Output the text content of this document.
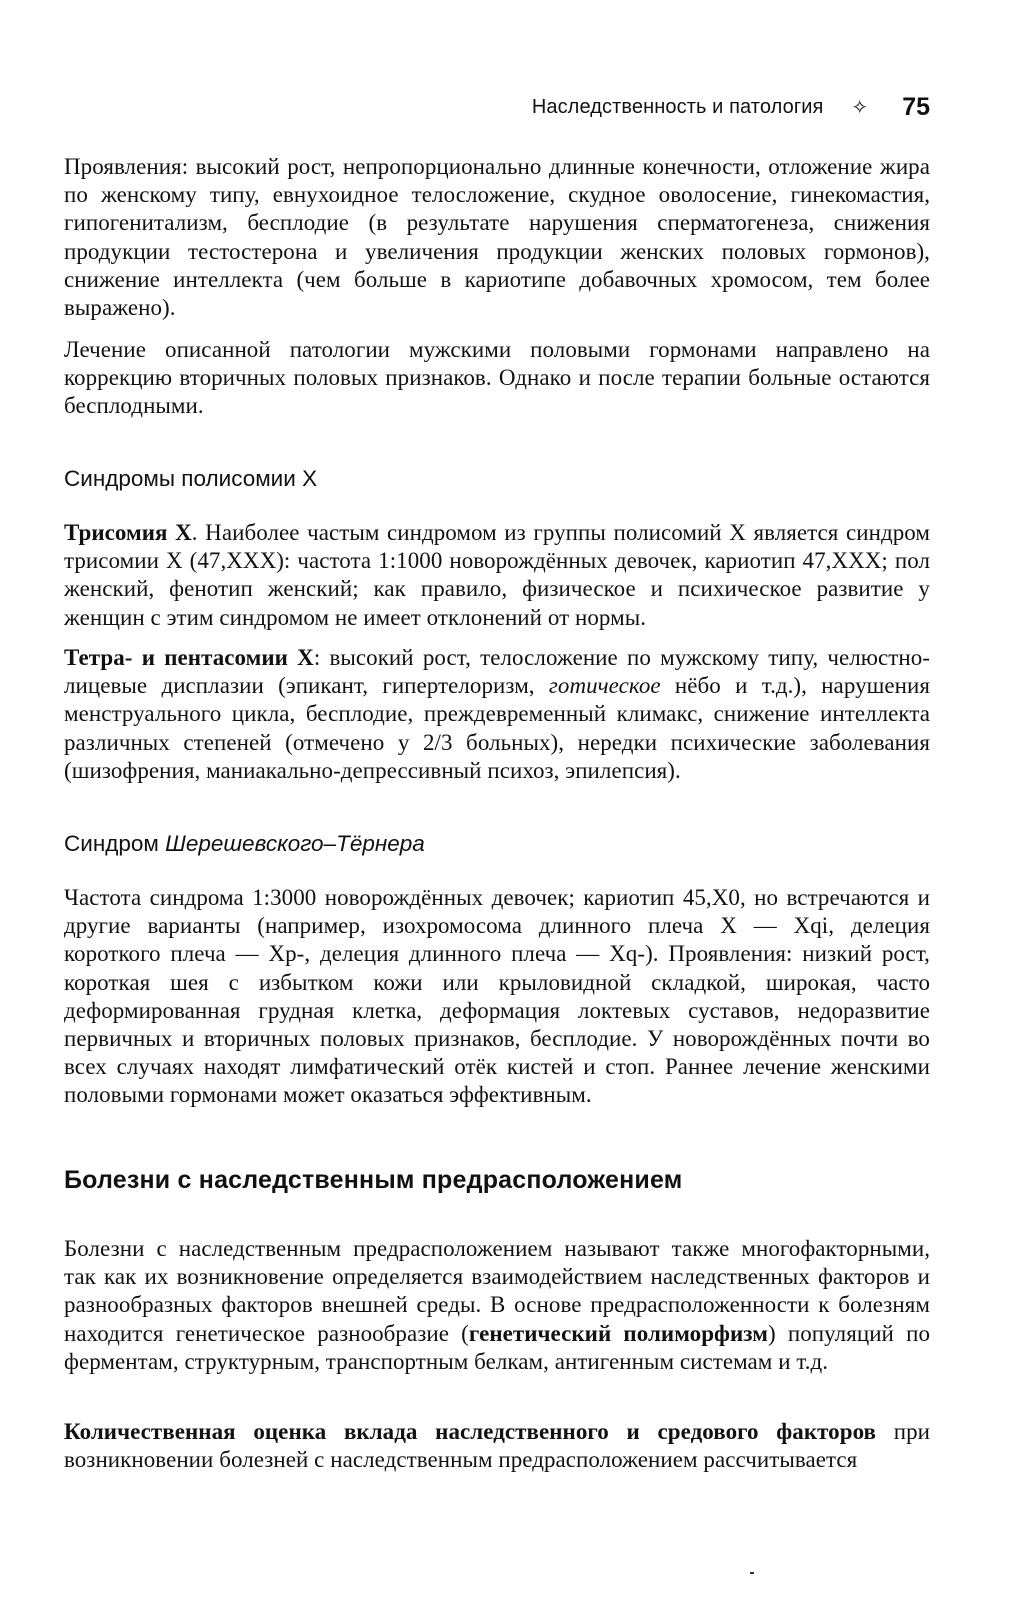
Наследственность и патология ✧ 75

Проявления: высокий рост, непропорционально длинные конечности, отложение жира по женскому типу, евнухоидное телосложение, скудное оволосение, гинекомастия, гипогенитализм, бесплодие (в результате нарушения сперматогенеза, снижения продукции тестостерона и увеличения продукции женских половых гормонов), снижение интеллекта (чем больше в кариотипе добавочных хромосом, тем более выражено).

Лечение описанной патологии мужскими половыми гормонами направлено на коррекцию вторичных половых признаков. Однако и после терапии больные остаются бесплодными.

Синдромы полисомии X

Трисомия X. Наиболее частым синдромом из группы полисомий X является синдром трисомии X (47,XXX): частота 1:1000 новорождённых девочек, кариотип 47,XXX; пол женский, фенотип женский; как правило, физическое и психическое развитие у женщин с этим синдромом не имеет отклонений от нормы.

Тетра- и пентасомии X: высокий рост, телосложение по мужскому типу, челюстно-лицевые дисплазии (эпикант, гипертелоризм, готическое нёбо и т.д.), нарушения менструального цикла, бесплодие, преждевременный климакс, снижение интеллекта различных степеней (отмечено у 2/3 больных), нередки психические заболевания (шизофрения, маниакально-депрессивный психоз, эпилепсия).

Синдром Шерешевского–Тёрнера

Частота синдрома 1:3000 новорождённых девочек; кариотип 45,X0, но встречаются и другие варианты (например, изохромосома длинного плеча X — Xqi, делеция короткого плеча — Xp-, делеция длинного плеча — Xq-). Проявления: низкий рост, короткая шея с избытком кожи или крыловидной складкой, широкая, часто деформированная грудная клетка, деформация локтевых суставов, недоразвитие первичных и вторичных половых признаков, бесплодие. У новорождённых почти во всех случаях находят лимфатический отёк кистей и стоп. Раннее лечение женскими половыми гормонами может оказаться эффективным.

Болезни с наследственным предрасположением

Болезни с наследственным предрасположением называют также многофакторными, так как их возникновение определяется взаимодействием наследственных факторов и разнообразных факторов внешней среды. В основе предрасположенности к болезням находится генетическое разнообразие (генетический полиморфизм) популяций по ферментам, структурным, транспортным белкам, антигенным системам и т.д.

Количественная оценка вклада наследственного и средового факторов при возникновении болезней с наследственным предрасположением рассчитывается
